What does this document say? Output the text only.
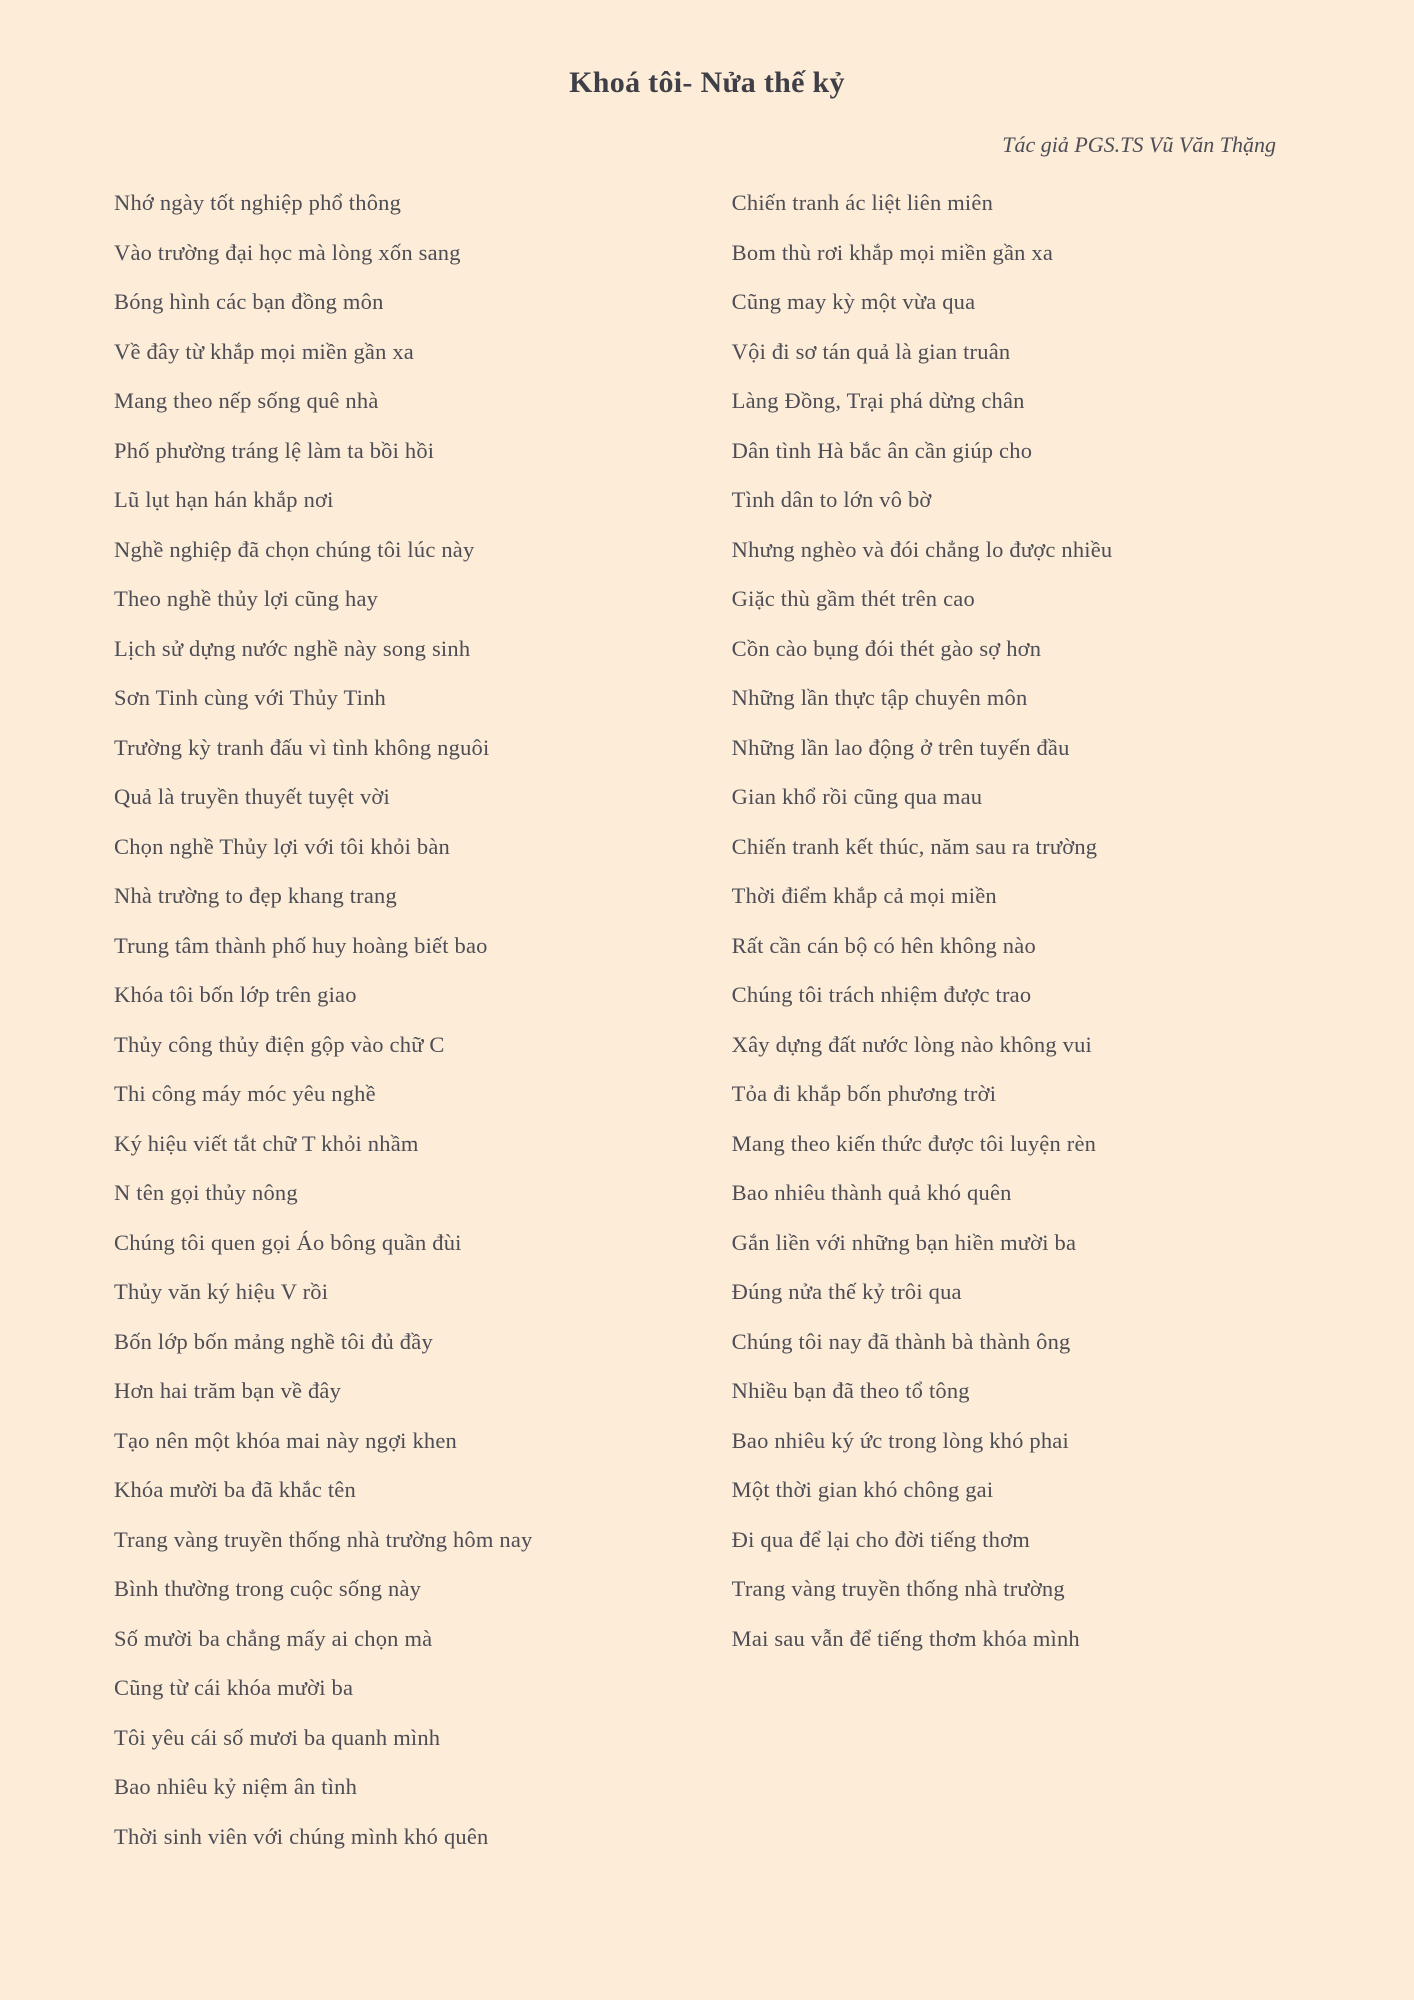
Khoá tôi- Nửa thế kỷ
Tác giả PGS.TS Vũ Văn Thặng
Nhớ ngày tốt nghiệp phổ thông
Vào trường đại học mà lòng xốn sang
Bóng hình các bạn đồng môn
Về đây từ khắp mọi miền gần xa
Mang theo nếp sống quê nhà
Phố phường tráng lệ làm ta bồi hồi
Lũ lụt hạn hán khắp nơi
Nghề nghiệp đã chọn chúng tôi lúc này
Theo nghề thủy lợi cũng hay
Lịch sử dựng nước nghề này song sinh
Sơn Tinh cùng với Thủy Tinh
Trường kỳ tranh đấu vì tình không nguôi
Quả là truyền thuyết tuyệt vời
Chọn nghề Thủy lợi với tôi khỏi bàn
Nhà trường to đẹp khang trang
Trung tâm thành phố huy hoàng biết bao
Khóa tôi bốn lớp trên giao
Thủy công thủy điện gộp vào chữ C
Thi công máy móc yêu nghề
Ký hiệu viết tắt chữ T khỏi nhầm
N tên gọi thủy nông
Chúng tôi quen gọi Áo bông quần đùi
Thủy văn ký hiệu V rồi
Bốn lớp bốn mảng nghề tôi đủ đầy
Hơn hai trăm bạn về đây
Tạo nên một khóa mai này ngợi khen
Khóa mười ba đã khắc tên
Trang vàng truyền thống nhà trường hôm nay
Bình thường trong cuộc sống này
Số mười ba chẳng mấy ai chọn mà
Cũng từ cái khóa mười ba
Tôi yêu cái số mươi ba quanh mình
Bao nhiêu kỷ niệm ân tình
Thời sinh viên với chúng mình khó quên
Chiến tranh ác liệt liên miên
Bom thù rơi khắp mọi miền gần xa
Cũng may kỳ một vừa qua
Vội đi sơ tán quả là gian truân
Làng Đồng, Trại phá dừng chân
Dân tình Hà bắc ân cần giúp cho
Tình dân to lớn vô bờ
Nhưng nghèo và đói chẳng lo được nhiều
Giặc thù gầm thét trên cao
Cồn cào bụng đói thét gào sợ hơn
Những lần thực tập chuyên môn
Những lần lao động ở trên tuyến đầu
Gian khổ rồi cũng qua mau
Chiến tranh kết thúc, năm sau ra trường
Thời điểm khắp cả mọi miền
Rất cần cán bộ có hên không nào
Chúng tôi trách nhiệm được trao
Xây dựng đất nước lòng nào không vui
Tỏa đi khắp bốn phương trời
Mang theo kiến thức được tôi luyện rèn
Bao nhiêu thành quả khó quên
Gắn liền với những bạn hiền mười ba
Đúng nửa thế kỷ trôi qua
Chúng tôi nay đã thành bà thành ông
Nhiều bạn đã theo tổ tông
Bao nhiêu ký ức trong lòng khó phai
Một thời gian khó chông gai
Đi qua để lại cho đời tiếng thơm
Trang vàng truyền thống nhà trường
Mai sau vẫn để tiếng thơm khóa mình
